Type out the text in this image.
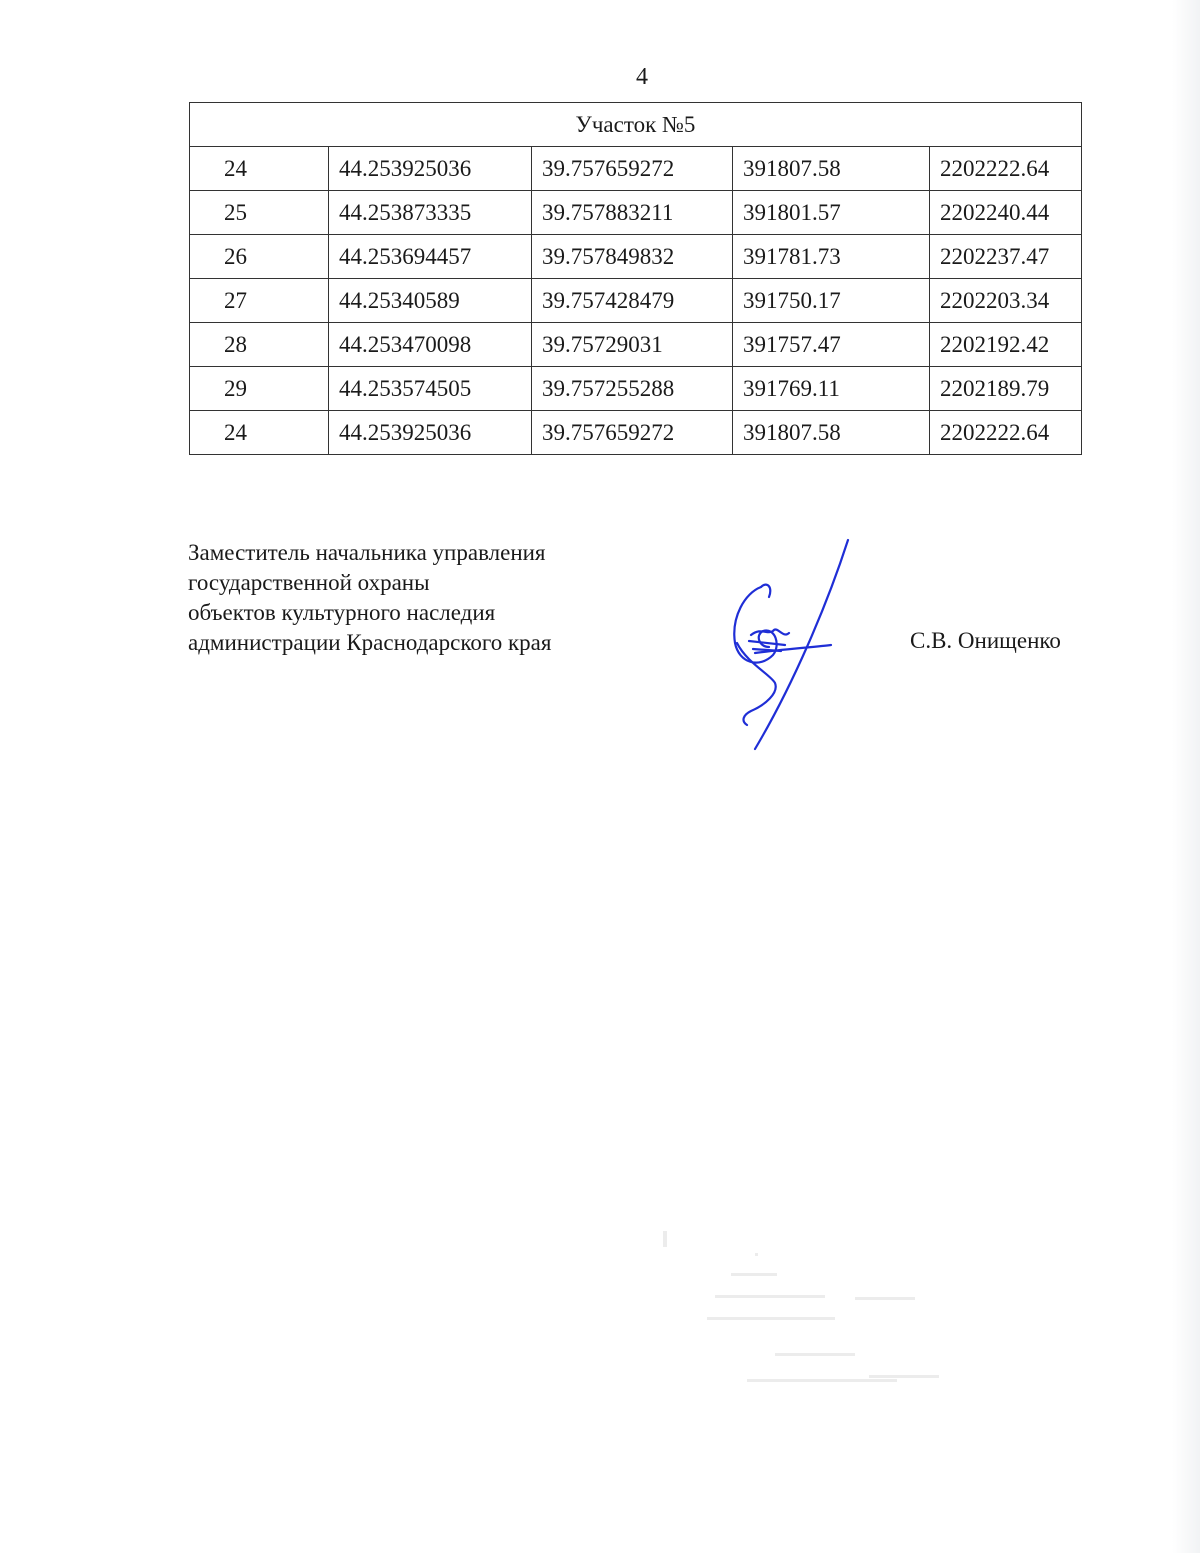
4
Участок №5				
24	44.253925036	39.757659272	391807.58	2202222.64
25	44.253873335	39.757883211	391801.57	2202240.44
26	44.253694457	39.757849832	391781.73	2202237.47
27	44.25340589	39.757428479	391750.17	2202203.34
28	44.253470098	39.75729031	391757.47	2202192.42
29	44.253574505	39.757255288	391769.11	2202189.79
24	44.253925036	39.757659272	391807.58	2202222.64
Заместитель начальника управления
государственной охраны
объектов культурного наследия
администрации Краснодарского края	С.В. Онищенко
